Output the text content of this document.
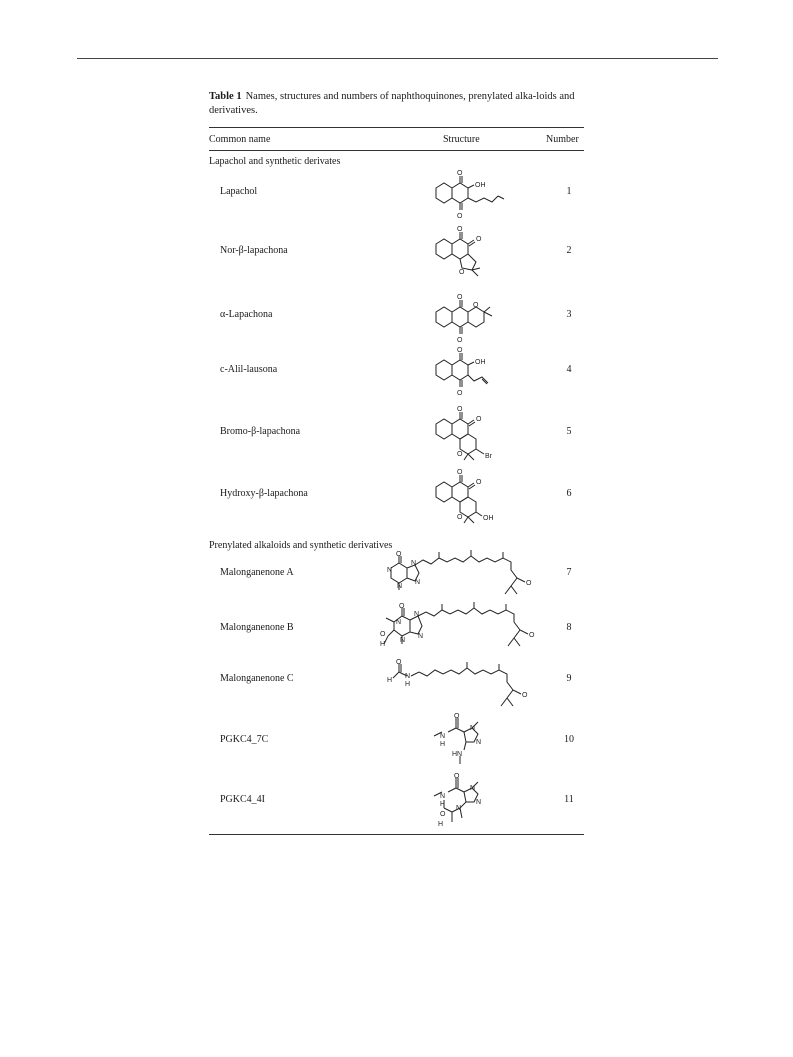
Table 1 Names, structures and numbers of naphthoquinones, prenylated alka-loids and derivatives.
Common name	Structure	Number
Lapachol and synthetic derivates
Lapachol	1
O
O
OH
Nor-β-lapachona	2
O
O
O
α-Lapachona	3
O
O
O
c-Alil-lausona	4
O
O
OH
Bromo-β-lapachona	5
O
O
O	Br
Hydroxy-β-lapachona	6
O
O
O	OH
Prenylated alkaloids and synthetic derivatives
Malonganenone A	7
O
N
N
N
N	O
Malonganenone B	8
O
N
O
H
N
N
N	O
Malonganenone C	9
O
H
N
H
O
PGKC4_7C	10
O
N
H
N
N
HN
PGKC4_4I	11
O
N
H
N
N
N
H
O
